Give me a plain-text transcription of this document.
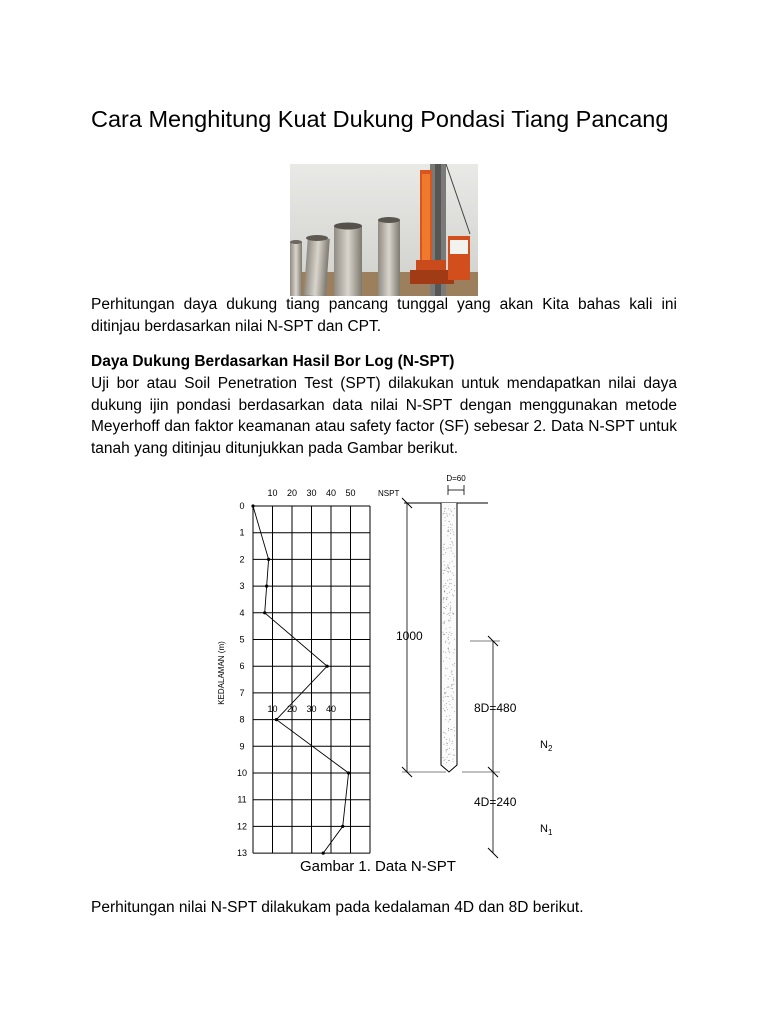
Cara Menghitung Kuat Dukung Pondasi Tiang Pancang

Perhitungan daya dukung tiang pancang tunggal yang akan Kita bahas kali ini ditinjau berdasarkan nilai N-SPT dan CPT.

Daya Dukung Berdasarkan Hasil Bor Log (N-SPT)

Uji bor atau Soil Penetration Test (SPT) dilakukan untuk mendapatkan nilai daya dukung ijin pondasi berdasarkan data nilai N-SPT dengan menggunakan metode Meyerhoff dan faktor keamanan atau safety factor (SF) sebesar 2. Data N-SPT untuk tanah yang ditinjau ditunjukkan pada Gambar berikut.

10 20 30 40 50	NSPT
0
1
2
3
4
5
6
7
8
9
10
11
12
13
KEDALAMAN (m)
10 20 30 40
D=60
1000
8D=480
4D=240
$N_2$
$N_1$
Gambar 1. Data N-SPT

Perhitungan nilai N-SPT dilakukam pada kedalaman 4D dan 8D berikut.
